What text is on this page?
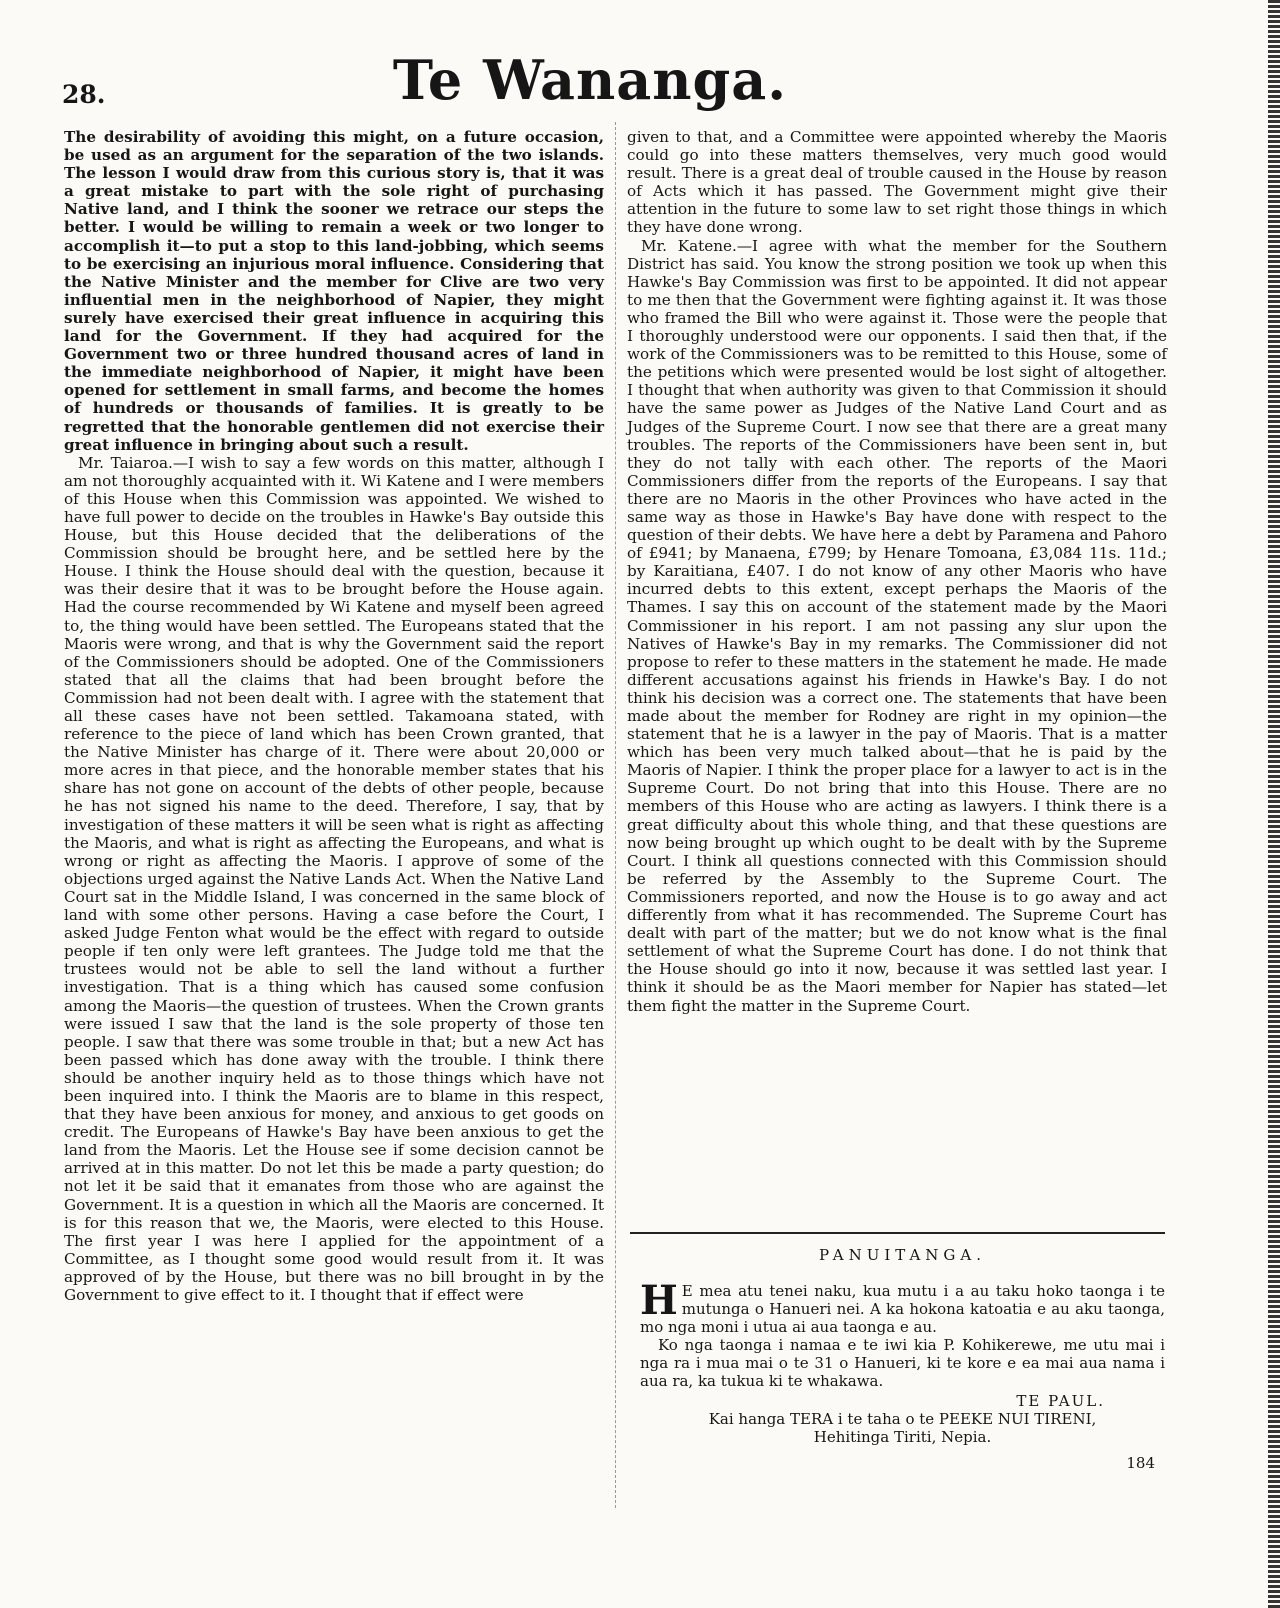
28.	Te Wananga.

The desirability of avoiding this might, on a future occasion, be used as an argument for the separation of the two islands. The lesson I would draw from this curious story is, that it was a great mistake to part with the sole right of purchasing Native land, and I think the sooner we retrace our steps the better. I would be willing to remain a week or two longer to accomplish it—to put a stop to this land-jobbing, which seems to be exercising an injurious moral influence. Considering that the Native Minister and the member for Clive are two very influential men in the neighborhood of Napier, they might surely have exercised their great influence in acquiring this land for the Government. If they had acquired for the Government two or three hundred thousand acres of land in the immediate neighborhood of Napier, it might have been opened for settlement in small farms, and become the homes of hundreds or thousands of families. It is greatly to be regretted that the honorable gentlemen did not exercise their great influence in bringing about such a result.

Mr. Taiaroa.—I wish to say a few words on this matter, although I am not thoroughly acquainted with it. Wi Katene and I were members of this House when this Commission was appointed. We wished to have full power to decide on the troubles in Hawke's Bay outside this House, but this House decided that the deliberations of the Commission should be brought here, and be settled here by the House. I think the House should deal with the question, because it was their desire that it was to be brought before the House again. Had the course recommended by Wi Katene and myself been agreed to, the thing would have been settled. The Europeans stated that the Maoris were wrong, and that is why the Government said the report of the Commissioners should be adopted. One of the Commissioners stated that all the claims that had been brought before the Commission had not been dealt with. I agree with the statement that all these cases have not been settled. Takamoana stated, with reference to the piece of land which has been Crown granted, that the Native Minister has charge of it. There were about 20,000 or more acres in that piece, and the honorable member states that his share has not gone on account of the debts of other people, because he has not signed his name to the deed. Therefore, I say, that by investigation of these matters it will be seen what is right as affecting the Maoris, and what is right as affecting the Europeans, and what is wrong or right as affecting the Maoris. I approve of some of the objections urged against the Native Lands Act. When the Native Land Court sat in the Middle Island, I was concerned in the same block of land with some other persons. Having a case before the Court, I asked Judge Fenton what would be the effect with regard to outside people if ten only were left grantees. The Judge told me that the trustees would not be able to sell the land without a further investigation. That is a thing which has caused some confusion among the Maoris—the question of trustees. When the Crown grants were issued I saw that the land is the sole property of those ten people. I saw that there was some trouble in that; but a new Act has been passed which has done away with the trouble. I think there should be another inquiry held as to those things which have not been inquired into. I think the Maoris are to blame in this respect, that they have been anxious for money, and anxious to get goods on credit. The Europeans of Hawke's Bay have been anxious to get the land from the Maoris. Let the House see if some decision cannot be arrived at in this matter. Do not let this be made a party question; do not let it be said that it emanates from those who are against the Government. It is a question in which all the Maoris are concerned. It is for this reason that we, the Maoris, were elected to this House. The first year I was here I applied for the appointment of a Committee, as I thought some good would result from it. It was approved of by the House, but there was no bill brought in by the Government to give effect to it. I thought that if effect were

given to that, and a Committee were appointed whereby the Maoris could go into these matters themselves, very much good would result. There is a great deal of trouble caused in the House by reason of Acts which it has passed. The Government might give their attention in the future to some law to set right those things in which they have done wrong.

Mr. Katene.—I agree with what the member for the Southern District has said. You know the strong position we took up when this Hawke's Bay Commission was first to be appointed. It did not appear to me then that the Government were fighting against it. It was those who framed the Bill who were against it. Those were the people that I thoroughly understood were our opponents. I said then that, if the work of the Commissioners was to be remitted to this House, some of the petitions which were presented would be lost sight of altogether. I thought that when authority was given to that Commission it should have the same power as Judges of the Native Land Court and as Judges of the Supreme Court. I now see that there are a great many troubles. The reports of the Commissioners have been sent in, but they do not tally with each other. The reports of the Maori Commissioners differ from the reports of the Europeans. I say that there are no Maoris in the other Provinces who have acted in the same way as those in Hawke's Bay have done with respect to the question of their debts. We have here a debt by Paramena and Pahoro of £941; by Manaena, £799; by Henare Tomoana, £3,084 11s. 11d.; by Karaitiana, £407. I do not know of any other Maoris who have incurred debts to this extent, except perhaps the Maoris of the Thames. I say this on account of the statement made by the Maori Commissioner in his report. I am not passing any slur upon the Natives of Hawke's Bay in my remarks. The Commissioner did not propose to refer to these matters in the statement he made. He made different accusations against his friends in Hawke's Bay. I do not think his decision was a correct one. The statements that have been made about the member for Rodney are right in my opinion—the statement that he is a lawyer in the pay of Maoris. That is a matter which has been very much talked about—that he is paid by the Maoris of Napier. I think the proper place for a lawyer to act is in the Supreme Court. Do not bring that into this House. There are no members of this House who are acting as lawyers. I think there is a great difficulty about this whole thing, and that these questions are now being brought up which ought to be dealt with by the Supreme Court. I think all questions connected with this Commission should be referred by the Assembly to the Supreme Court. The Commissioners reported, and now the House is to go away and act differently from what it has recommended. The Supreme Court has dealt with part of the matter; but we do not know what is the final settlement of what the Supreme Court has done. I do not think that the House should go into it now, because it was settled last year. I think it should be as the Maori member for Napier has stated—let them fight the matter in the Supreme Court.

PANUITANGA.

H E mea atu tenei naku, kua mutu i a au taku hoko taonga i te mutunga o Hanueri nei. A ka hokona katoatia e au aku taonga, mo nga moni i utua ai aua taonga e au.

Ko nga taonga i namaa e te iwi kia P. Kohikerewe, me utu mai i nga ra i mua mai o te 31 o Hanueri, ki te kore e ea mai aua nama i aua ra, ka tukua ki te whakawa.

TE PAUL.
Kai hanga TERA i te taha o te PEEKE NUI TIRENI,
Hehitinga Tiriti, Nepia.
184
